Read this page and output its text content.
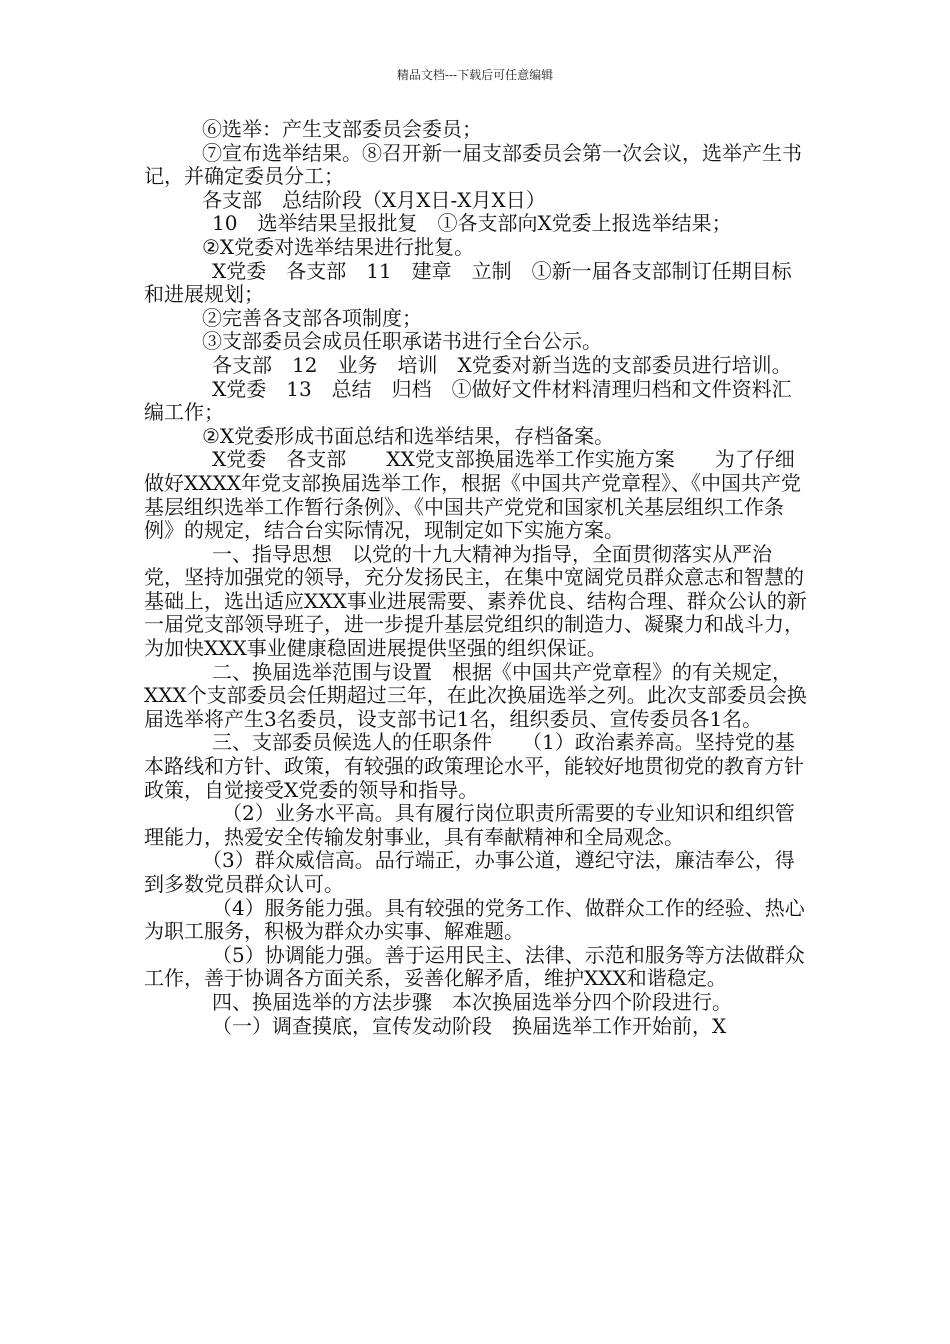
精品文档---下载后可任意编辑

⑥选举：产生支部委员会委员；

⑦宣布选举结果。⑧召开新一届支部委员会第一次会议，选举产生书记，并确定委员分工；

各支部　总结阶段（X月X日-X月X日）

10　选举结果呈报批复　①各支部向X党委上报选举结果；

②X党委对选举结果进行批复。

X党委　各支部　11　建章　立制　①新一届各支部制订任期目标和进展规划；

②完善各支部各项制度；

③支部委员会成员任职承诺书进行全台公示。

各支部　12　业务　培训　X党委对新当选的支部委员进行培训。

X党委　13　总结　归档　①做好文件材料清理归档和文件资料汇编工作；

②X党委形成书面总结和选举结果，存档备案。

X党委　各支部　　XX党支部换届选举工作实施方案　　为了仔细做好XXXX年党支部换届选举工作，根据《中国共产党章程》、《中国共产党基层组织选举工作暂行条例》、《中国共产党党和国家机关基层组织工作条例》的规定，结合台实际情况，现制定如下实施方案。

一、指导思想　以党的十九大精神为指导，全面贯彻落实从严治党，坚持加强党的领导，充分发扬民主，在集中宽阔党员群众意志和智慧的基础上，选出适应XXX事业进展需要、素养优良、结构合理、群众公认的新一届党支部领导班子，进一步提升基层党组织的制造力、凝聚力和战斗力，为加快XXX事业健康稳固进展提供坚强的组织保证。

二、换届选举范围与设置　根据《中国共产党章程》的有关规定，XXX个支部委员会任期超过三年，在此次换届选举之列。此次支部委员会换届选举将产生3名委员，设支部书记1名，组织委员、宣传委员各1名。

三、支部委员候选人的任职条件　　（1）政治素养高。坚持党的基本路线和方针、政策，有较强的政策理论水平，能较好地贯彻党的教育方针政策，自觉接受X党委的领导和指导。

（2）业务水平高。具有履行岗位职责所需要的专业知识和组织管理能力，热爱安全传输发射事业，具有奉献精神和全局观念。

（3）群众威信高。品行端正，办事公道，遵纪守法，廉洁奉公，得到多数党员群众认可。

（4）服务能力强。具有较强的党务工作、做群众工作的经验、热心为职工服务，积极为群众办实事、解难题。

（5）协调能力强。善于运用民主、法律、示范和服务等方法做群众工作，善于协调各方面关系，妥善化解矛盾，维护XXX和谐稳定。

四、换届选举的方法步骤　本次换届选举分四个阶段进行。

（一）调查摸底，宣传发动阶段　换届选举工作开始前，X
